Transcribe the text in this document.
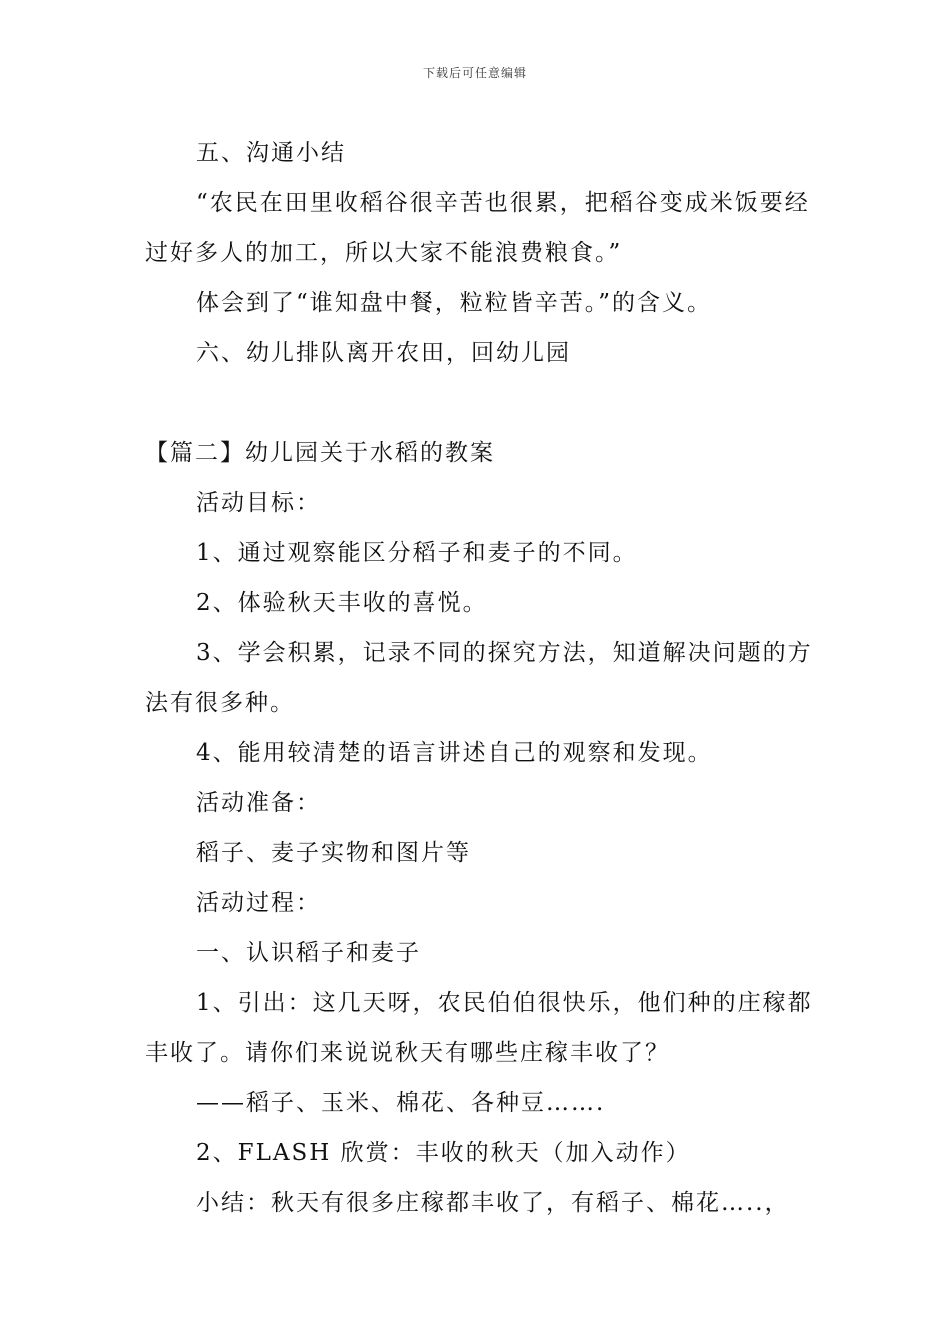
下载后可任意编辑

五、沟通小结

“农民在田里收稻谷很辛苦也很累，把稻谷变成米饭要经过好多人的加工，所以大家不能浪费粮食。”

体会到了“谁知盘中餐，粒粒皆辛苦。”的含义。

六、幼儿排队离开农田，回幼儿园

【篇二】幼儿园关于水稻的教案

活动目标：

1、通过观察能区分稻子和麦子的不同。

2、体验秋天丰收的喜悦。

3、学会积累，记录不同的探究方法，知道解决问题的方法有很多种。

4、能用较清楚的语言讲述自己的观察和发现。

活动准备：

稻子、麦子实物和图片等

活动过程：

一、认识稻子和麦子

1、引出：这几天呀，农民伯伯很快乐，他们种的庄稼都丰收了。请你们来说说秋天有哪些庄稼丰收了？

——稻子、玉米、棉花、各种豆…….

2、FLASH 欣赏：丰收的秋天（加入动作）

小结：秋天有很多庄稼都丰收了，有稻子、棉花…..，
